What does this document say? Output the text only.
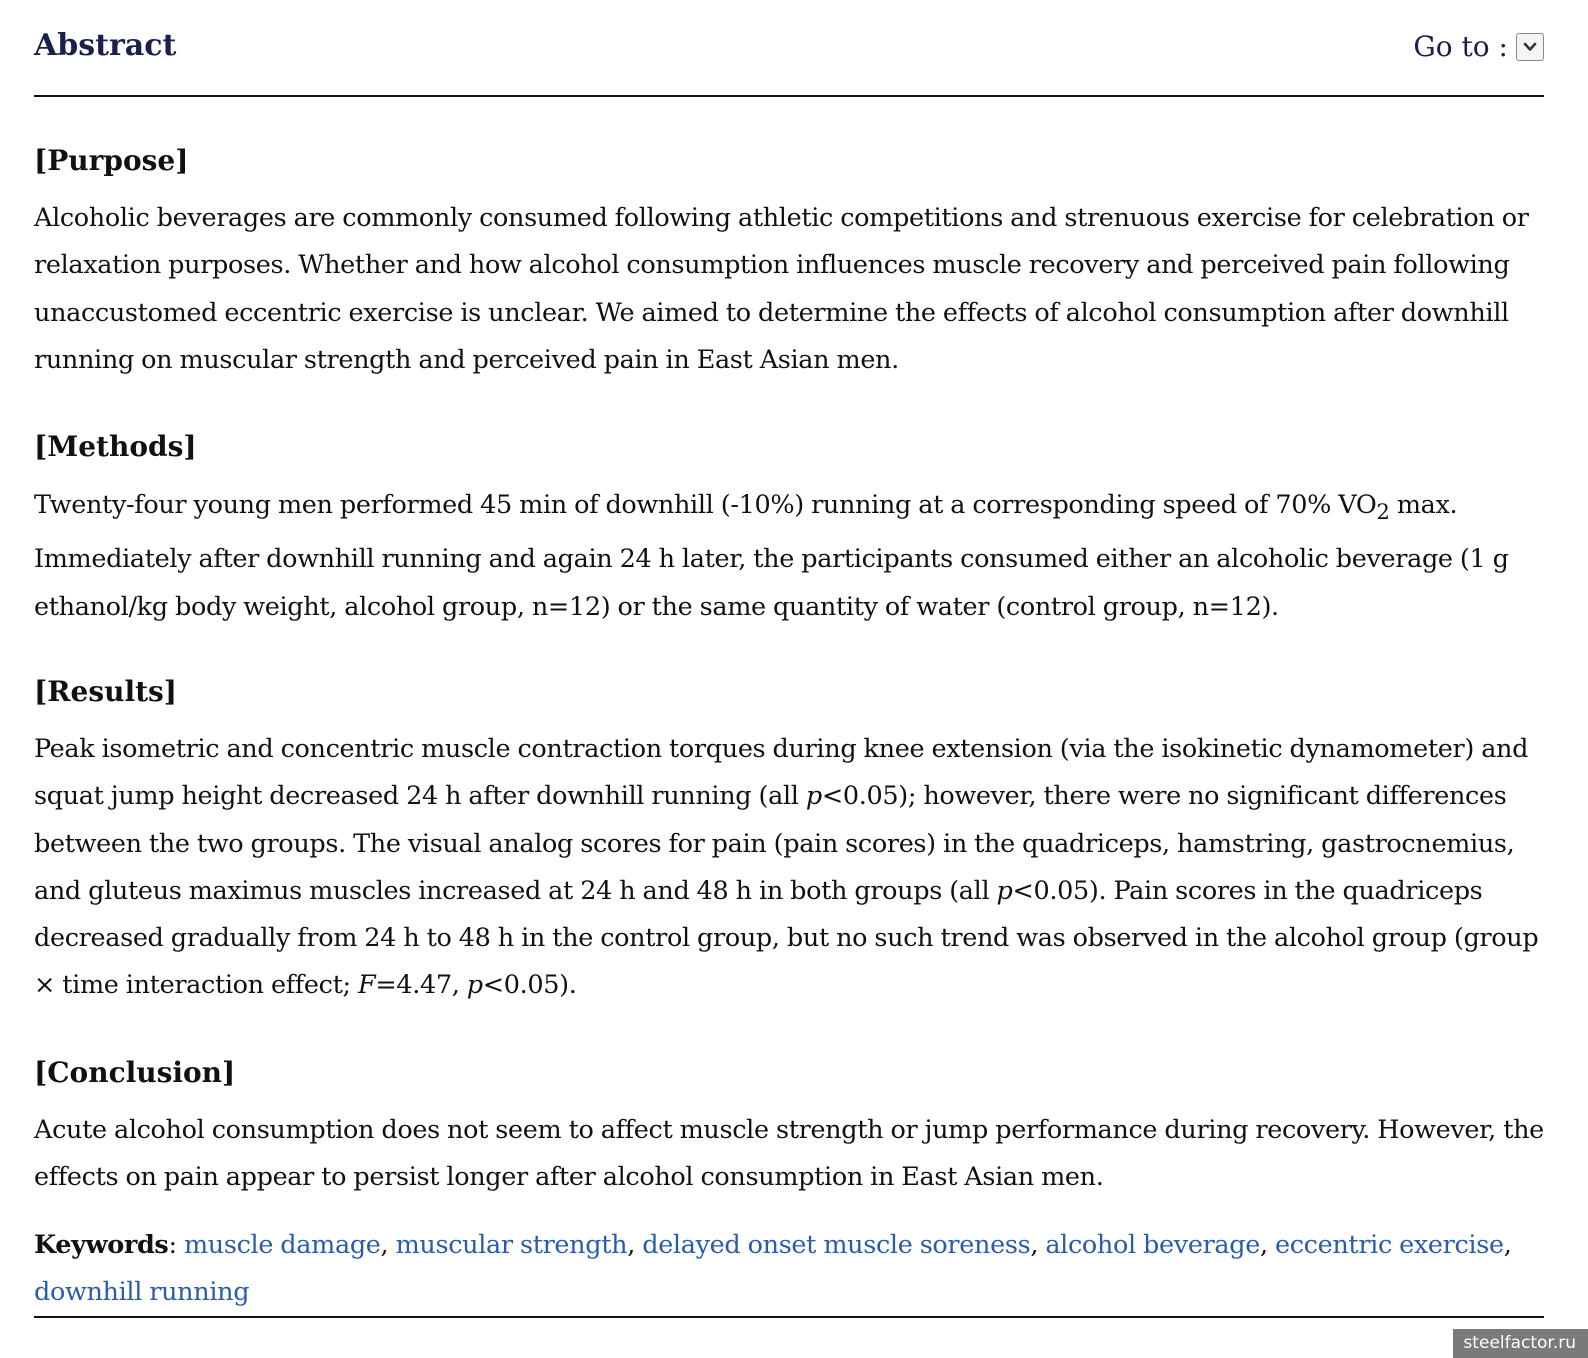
Abstract	Go to :
[Purpose]

Alcoholic beverages are commonly consumed following athletic competitions and strenuous exercise for celebration or relaxation purposes. Whether and how alcohol consumption influences muscle recovery and perceived pain following unaccustomed eccentric exercise is unclear. We aimed to determine the effects of alcohol consumption after downhill running on muscular strength and perceived pain in East Asian men.

[Methods]

Twenty-four young men performed 45 min of downhill (-10%) running at a corresponding speed of 70% $VO_2$ max. Immediately after downhill running and again 24 h later, the participants consumed either an alcoholic beverage (1 g ethanol/kg body weight, alcohol group, n=12) or the same quantity of water (control group, n=12).

[Results]

Peak isometric and concentric muscle contraction torques during knee extension (via the isokinetic dynamometer) and squat jump height decreased 24 h after downhill running (all p<0.05); however, there were no significant differences between the two groups. The visual analog scores for pain (pain scores) in the quadriceps, hamstring, gastrocnemius, and gluteus maximus muscles increased at 24 h and 48 h in both groups (all p<0.05). Pain scores in the quadriceps decreased gradually from 24 h to 48 h in the control group, but no such trend was observed in the alcohol group (group × time interaction effect; F=4.47, p<0.05).

[Conclusion]

Acute alcohol consumption does not seem to affect muscle strength or jump performance during recovery. However, the effects on pain appear to persist longer after alcohol consumption in East Asian men.

Keywords: muscle damage, muscular strength, delayed onset muscle soreness, alcohol beverage, eccentric exercise, downhill running

steelfactor.ru
